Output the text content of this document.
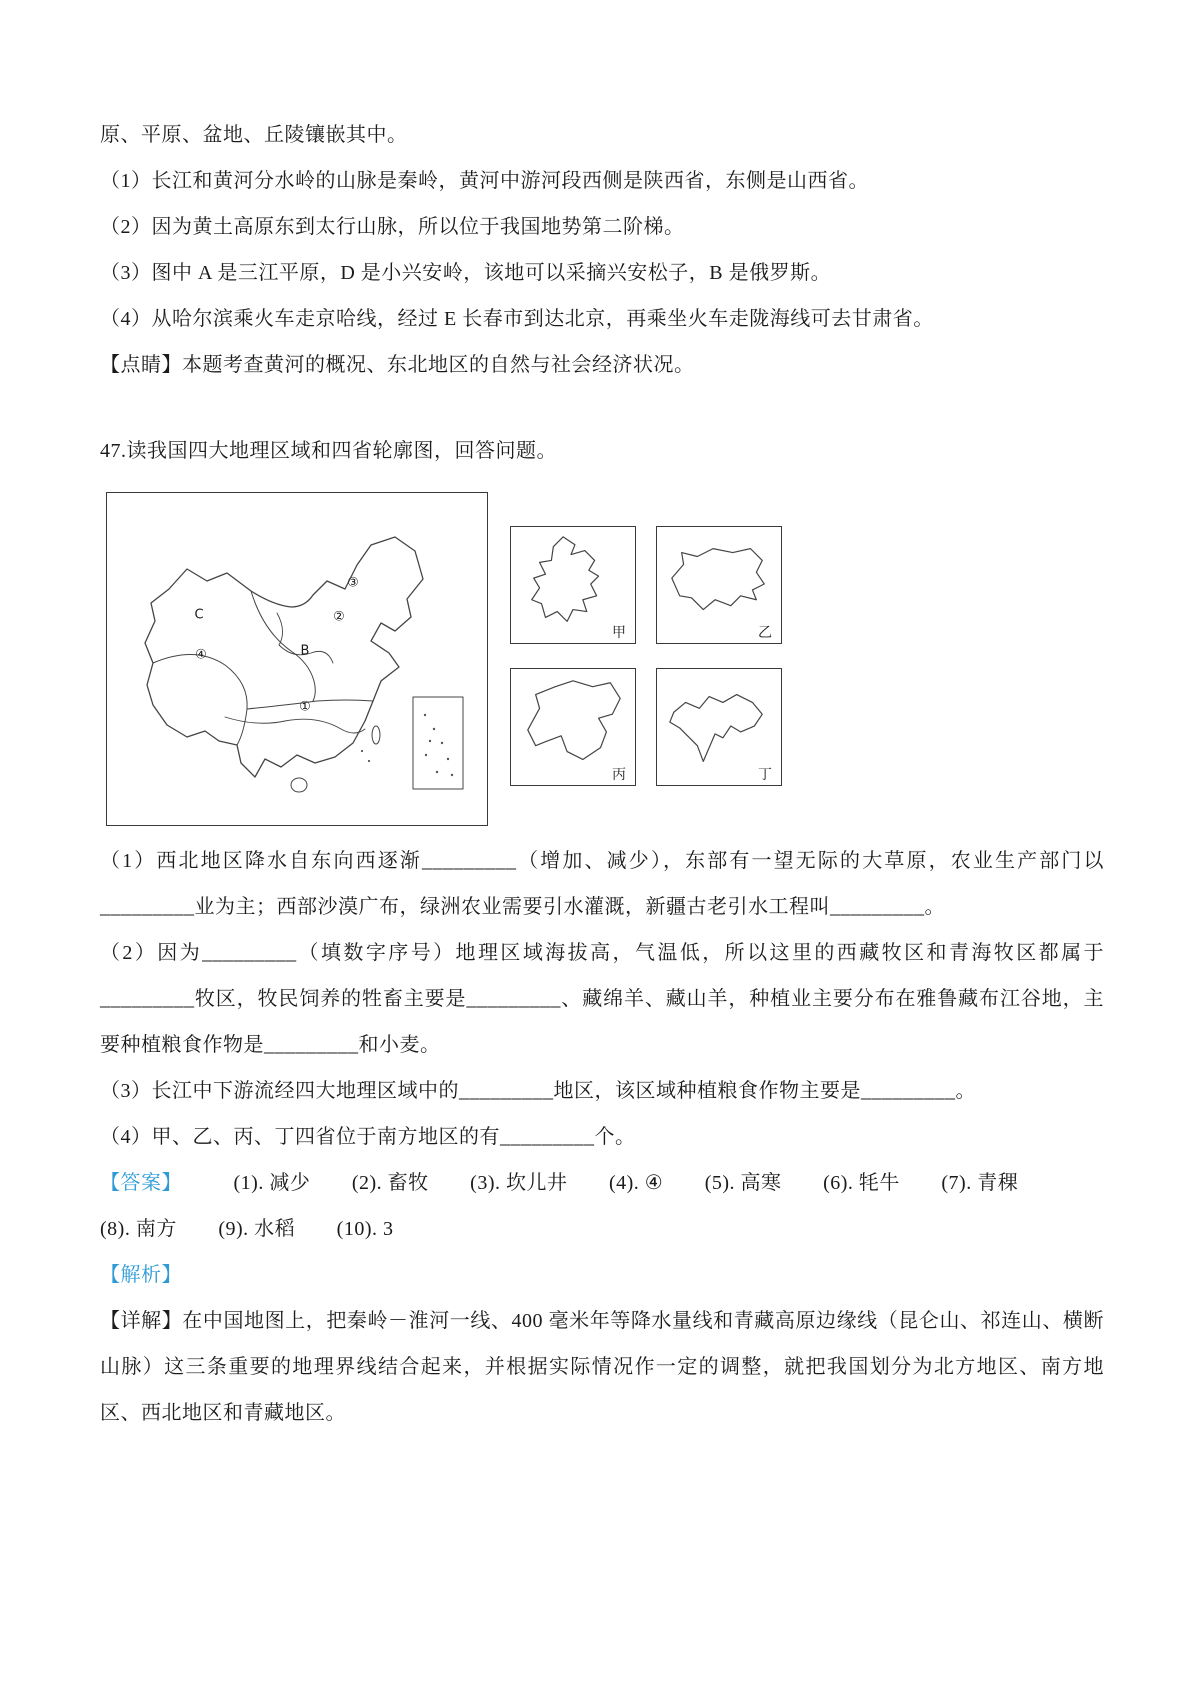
原、平原、盆地、丘陵镶嵌其中。

（1）长江和黄河分水岭的山脉是秦岭，黄河中游河段西侧是陕西省，东侧是山西省。

（2）因为黄土高原东到太行山脉，所以位于我国地势第二阶梯。

（3）图中 A 是三江平原，D 是小兴安岭，该地可以采摘兴安松子，B 是俄罗斯。

（4）从哈尔滨乘火车走京哈线，经过 E 长春市到达北京，再乘坐火车走陇海线可去甘肃省。

【点睛】本题考查黄河的概况、东北地区的自然与社会经济状况。

47.读我国四大地理区域和四省轮廓图，回答问题。

③
②
C
④	B
①
甲	乙
丙	丁

（1）西北地区降水自东向西逐渐_________（增加、减少），东部有一望无际的大草原，农业生产部门以_________业为主；西部沙漠广布，绿洲农业需要引水灌溉，新疆古老引水工程叫_________。

（2）因为_________（填数字序号）地理区域海拔高，气温低，所以这里的西藏牧区和青海牧区都属于_________牧区，牧民饲养的牲畜主要是_________、藏绵羊、藏山羊，种植业主要分布在雅鲁藏布江谷地，主要种植粮食作物是_________和小麦。

（3）长江中下游流经四大地理区域中的_________地区，该区域种植粮食作物主要是_________。

（4）甲、乙、丙、丁四省位于南方地区的有_________个。

【答案】	(1). 减少 (2). 畜牧 (3). 坎儿井 (4). ④ (5). 高寒 (6). 牦牛 (7). 青稞

(8). 南方 (9). 水稻 (10). 3

【解析】

【详解】在中国地图上，把秦岭－淮河一线、400 毫米年等降水量线和青藏高原边缘线（昆仑山、祁连山、横断山脉）这三条重要的地理界线结合起来，并根据实际情况作一定的调整，就把我国划分为北方地区、南方地区、西北地区和青藏地区。
